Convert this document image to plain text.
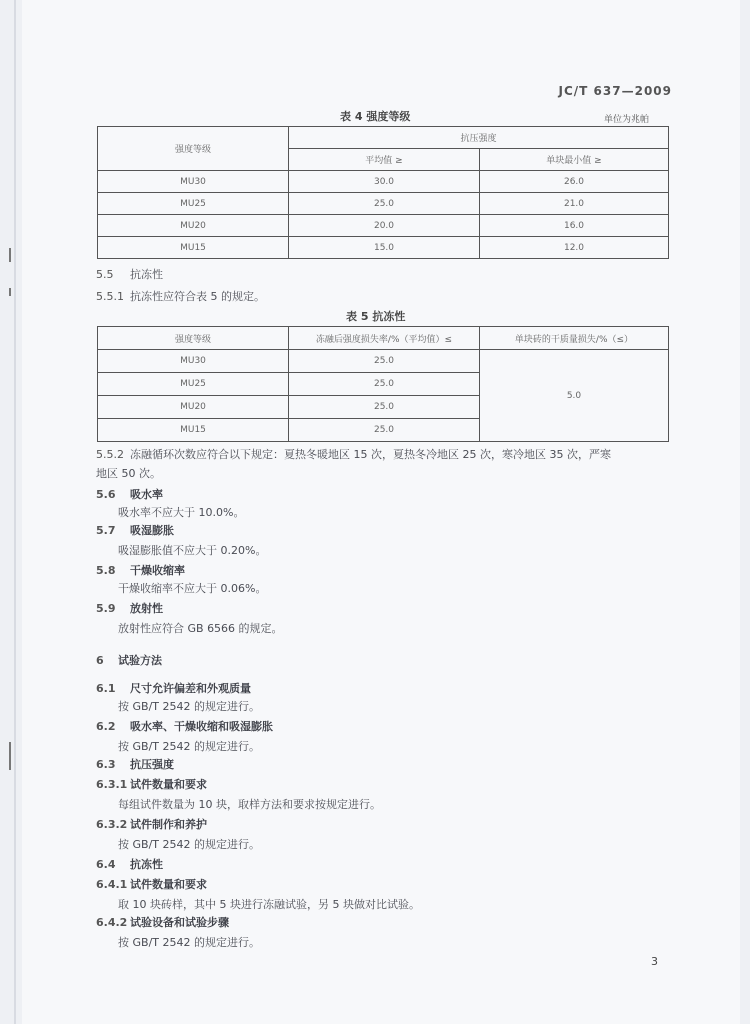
JC/T 637—2009
表 4 强度等级	单位为兆帕
强度等级	抗压强度	
	平均值 ≥	单块最小值 ≥
MU30	30.0	26.0
MU25	25.0	21.0
MU20	20.0	16.0
MU15	15.0	12.0
5.5 抗冻性
5.5.1 抗冻性应符合表 5 的规定。
表 5 抗冻性
强度等级	冻融后强度损失率/%（平均值）≤	单块砖的干质量损失/%（≤）
MU30	25.0	5.0
MU25	25.0	
MU20	25.0	
MU15	25.0	
5.5.2 冻融循环次数应符合以下规定：夏热冬暖地区 15 次，夏热冬冷地区 25 次，寒冷地区 35 次，严寒
地区 50 次。
5.6 吸水率
吸水率不应大于 10.0%。
5.7 吸湿膨胀
吸湿膨胀值不应大于 0.20%。
5.8 干燥收缩率
干燥收缩率不应大于 0.06%。
5.9 放射性
放射性应符合 GB 6566 的规定。
6 试验方法
6.1 尺寸允许偏差和外观质量
按 GB/T 2542 的规定进行。
6.2 吸水率、干燥收缩和吸湿膨胀
按 GB/T 2542 的规定进行。
6.3 抗压强度
6.3.1 试件数量和要求
每组试件数量为 10 块，取样方法和要求按规定进行。
6.3.2 试件制作和养护
按 GB/T 2542 的规定进行。
6.4 抗冻性
6.4.1 试件数量和要求
取 10 块砖样，其中 5 块进行冻融试验，另 5 块做对比试验。
6.4.2 试验设备和试验步骤
按 GB/T 2542 的规定进行。
3
